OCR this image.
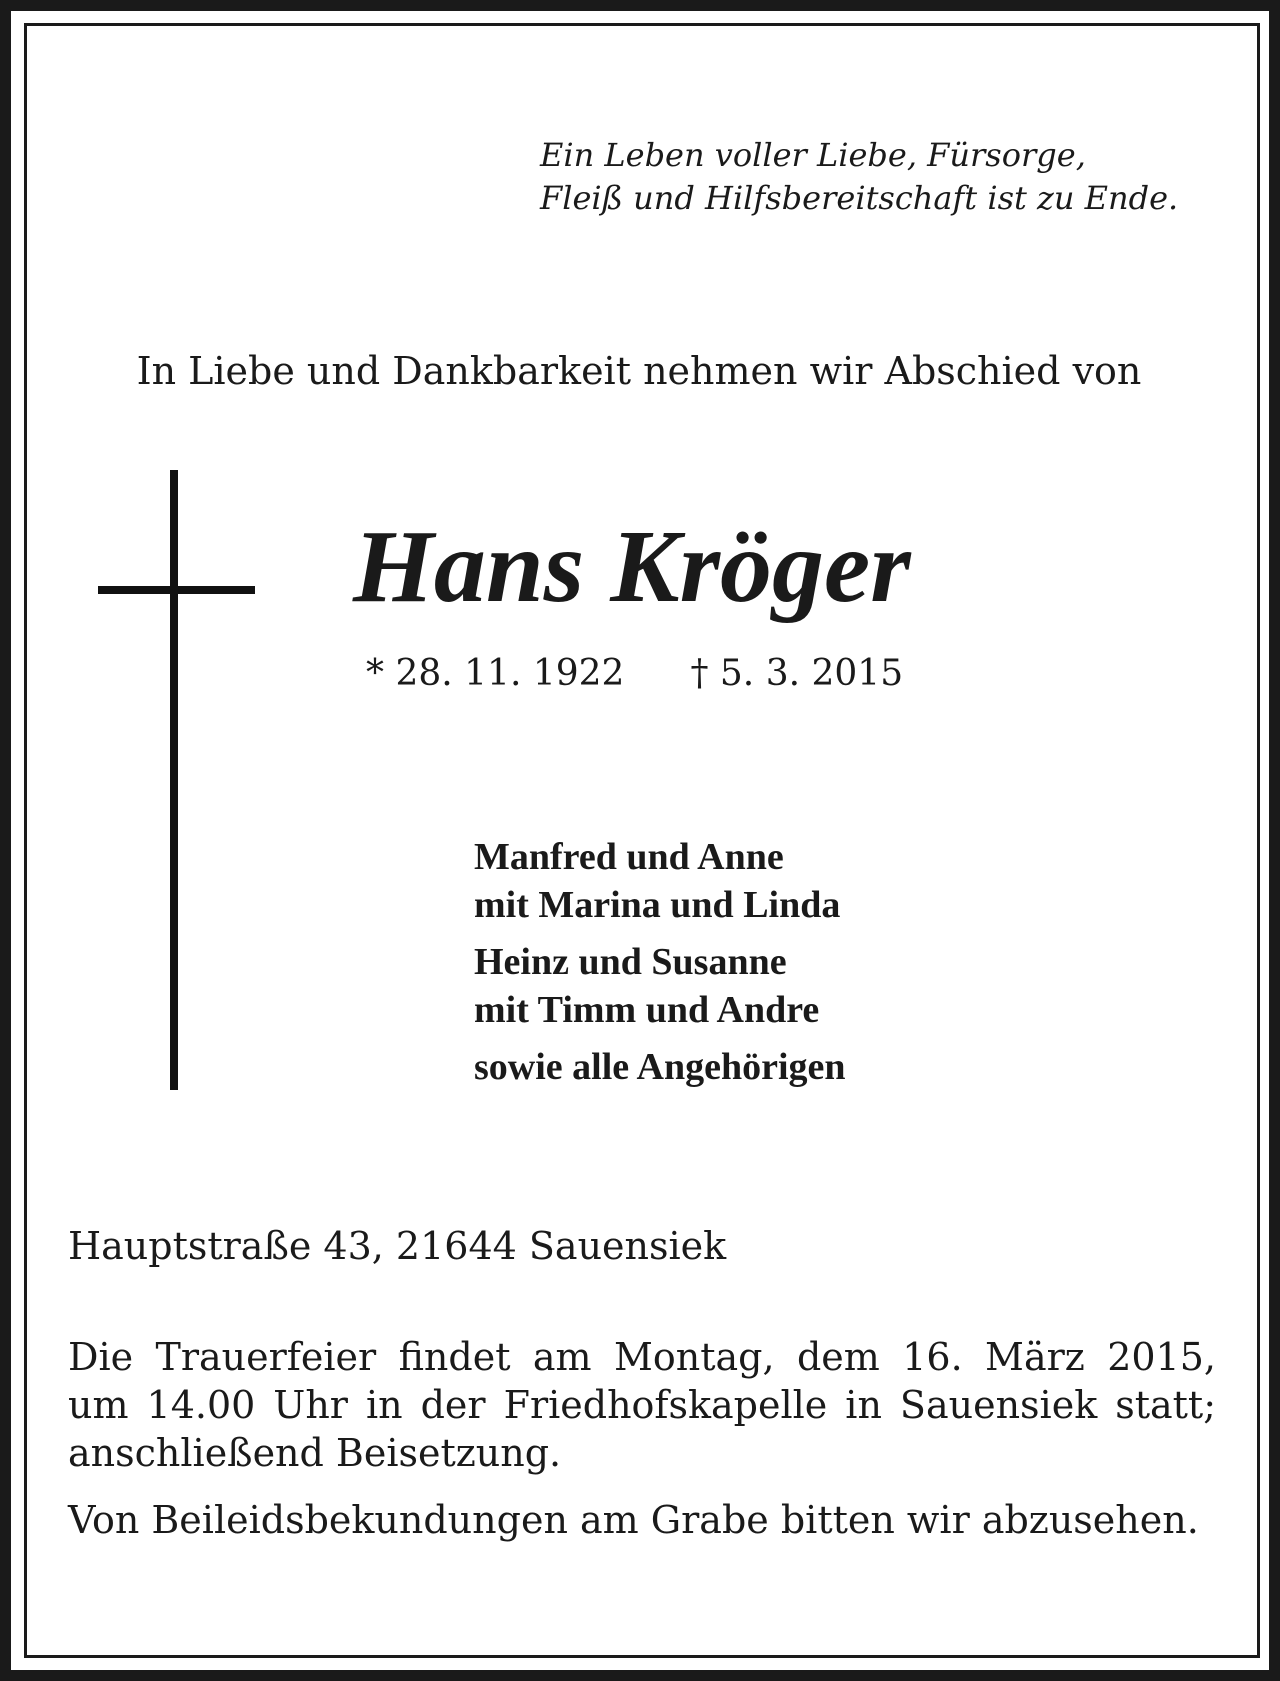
Ein Leben voller Liebe, Fürsorge,
Fleiß und Hilfsbereitschaft ist zu Ende.

In Liebe und Dankbarkeit nehmen wir Abschied von

Hans Kröger
* 28. 11. 1922 † 5. 3. 2015
Manfred und Anne
mit Marina und Linda
Heinz und Susanne
mit Timm und Andre
sowie alle Angehörigen
Hauptstraße 43, 21644 Sauensiek
Die Trauerfeier findet am Montag, dem 16. März 2015,
um 14.00 Uhr in der Friedhofskapelle in Sauensiek statt;
anschließend Beisetzung.
Von Beileidsbekundungen am Grabe bitten wir abzusehen.
